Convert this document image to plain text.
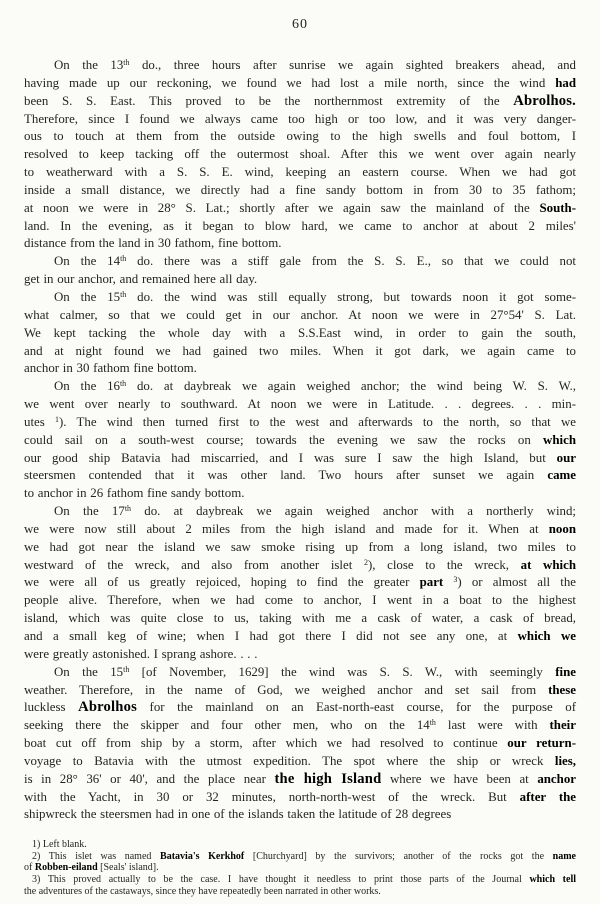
60
On the 13th do., three hours after sunrise we again sighted breakers ahead, and
having made up our reckoning, we found we had lost a mile north, since the wind had
been S. S. East. This proved to be the northernmost extremity of the Abrolhos.
Therefore, since I found we always came too high or too low, and it was very danger-
ous to touch at them from the outside owing to the high swells and foul bottom, I
resolved to keep tacking off the outermost shoal. After this we went over again nearly
to weatherward with a S. S. E. wind, keeping an eastern course. When we had got
inside a small distance, we directly had a fine sandy bottom in from 30 to 35 fathom;
at noon we were in 28° S. Lat.; shortly after we again saw the mainland of the South-
land. In the evening, as it began to blow hard, we came to anchor at about 2 miles'
distance from the land in 30 fathom, fine bottom.
On the 14th do. there was a stiff gale from the S. S. E., so that we could not
get in our anchor, and remained here all day.
On the 15th do. the wind was still equally strong, but towards noon it got some-
what calmer, so that we could get in our anchor. At noon we were in 27°54' S. Lat.
We kept tacking the whole day with a S.S.East wind, in order to gain the south,
and at night found we had gained two miles. When it got dark, we again came to
anchor in 30 fathom fine bottom.
On the 16th do. at daybreak we again weighed anchor; the wind being W. S. W.,
we went over nearly to southward. At noon we were in Latitude. . . degrees. . . min-
utes $^1$). The wind then turned first to the west and afterwards to the north, so that we
could sail on a south-west course; towards the evening we saw the rocks on which
our good ship Batavia had miscarried, and I was sure I saw the high Island, but our
steersmen contended that it was other land. Two hours after sunset we again came
to anchor in 26 fathom fine sandy bottom.
On the 17th do. at daybreak we again weighed anchor with a northerly wind;
we were now still about 2 miles from the high island and made for it. When at noon
we had got near the island we saw smoke rising up from a long island, two miles to
westward of the wreck, and also from another islet $^2$), close to the wreck, at which
we were all of us greatly rejoiced, hoping to find the greater part $^3$) or almost all the
people alive. Therefore, when we had come to anchor, I went in a boat to the highest
island, which was quite close to us, taking with me a cask of water, a cask of bread,
and a small keg of wine; when I had got there I did not see any one, at which we
were greatly astonished. I sprang ashore. . . .
On the 15th [of November, 1629] the wind was S. S. W., with seemingly fine
weather. Therefore, in the name of God, we weighed anchor and set sail from these
luckless Abrolhos for the mainland on an East-north-east course, for the purpose of
seeking there the skipper and four other men, who on the 14th last were with their
boat cut off from ship by a storm, after which we had resolved to continue our return-
voyage to Batavia with the utmost expedition. The spot where the ship or wreck lies,
is in 28° 36' or 40', and the place near the high Island where we have been at anchor
with the Yacht, in 30 or 32 minutes, north-north-west of the wreck. But after the
shipwreck the steersmen had in one of the islands taken the latitude of 28 degrees
1) Left blank.
2) This islet was named Batavia's Kerkhof [Churchyard] by the survivors; another of the rocks got the name
of Robben-eiland [Seals' island].
3) This proved actually to be the case. I have thought it needless to print those parts of the Journal which tell
the adventures of the castaways, since they have repeatedly been narrated in other works.
